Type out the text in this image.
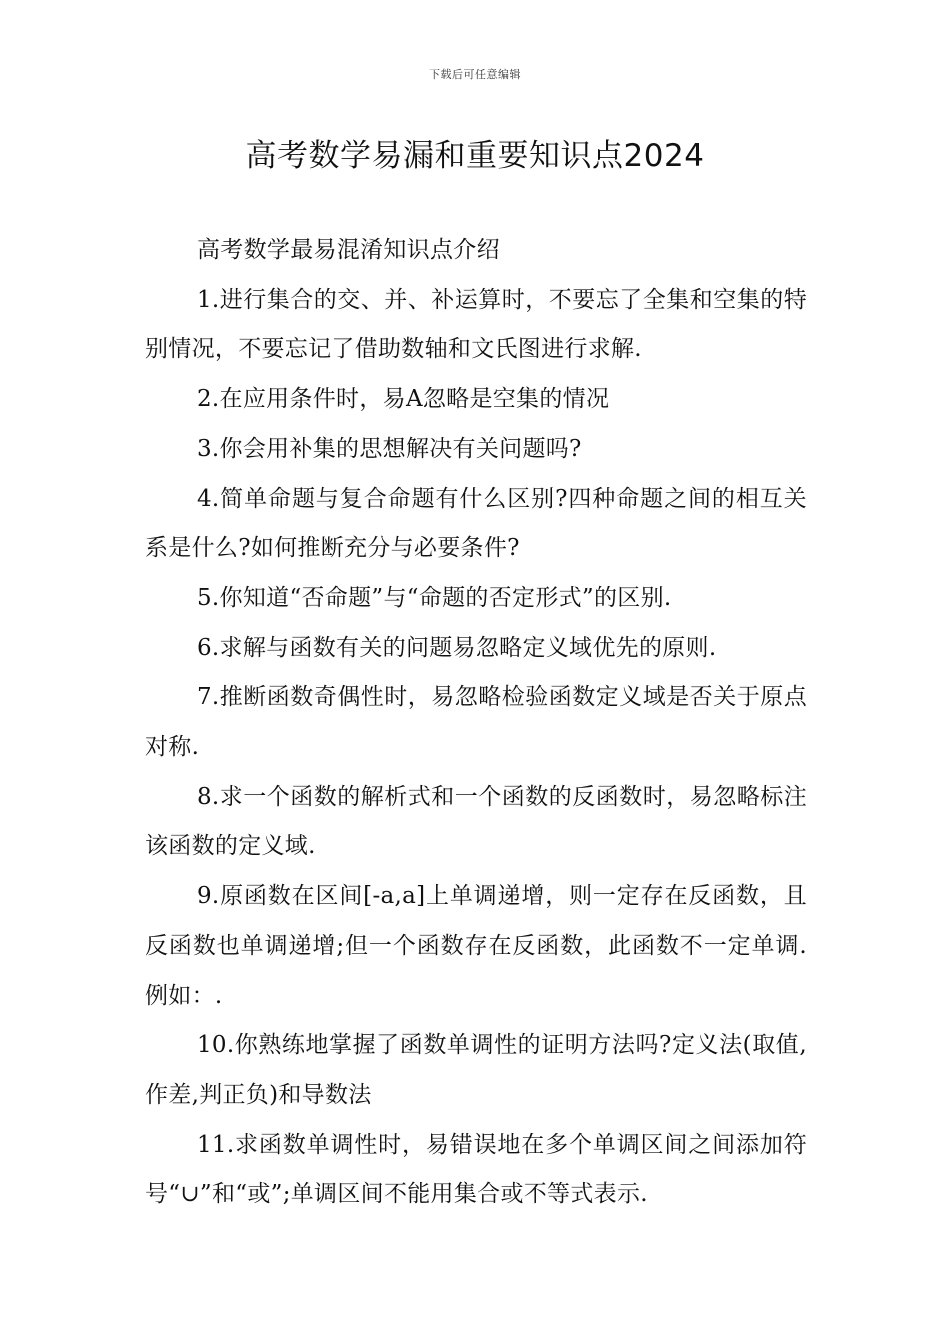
下载后可任意编辑
高考数学易漏和重要知识点2024

高考数学最易混淆知识点介绍

1.进行集合的交、并、补运算时，不要忘了全集和空集的特别情况，不要忘记了借助数轴和文氏图进行求解.

2.在应用条件时，易A忽略是空集的情况

3.你会用补集的思想解决有关问题吗?

4.简单命题与复合命题有什么区别?四种命题之间的相互关系是什么?如何推断充分与必要条件?

5.你知道“否命题”与“命题的否定形式”的区别.

6.求解与函数有关的问题易忽略定义域优先的原则.

7.推断函数奇偶性时，易忽略检验函数定义域是否关于原点对称.

8.求一个函数的解析式和一个函数的反函数时，易忽略标注该函数的定义域.

9.原函数在区间[-a,a]上单调递增，则一定存在反函数，且反函数也单调递增;但一个函数存在反函数，此函数不一定单调.例如：.

10.你熟练地掌握了函数单调性的证明方法吗?定义法(取值,作差,判正负)和导数法

11.求函数单调性时，易错误地在多个单调区间之间添加符号“∪”和“或”;单调区间不能用集合或不等式表示.
